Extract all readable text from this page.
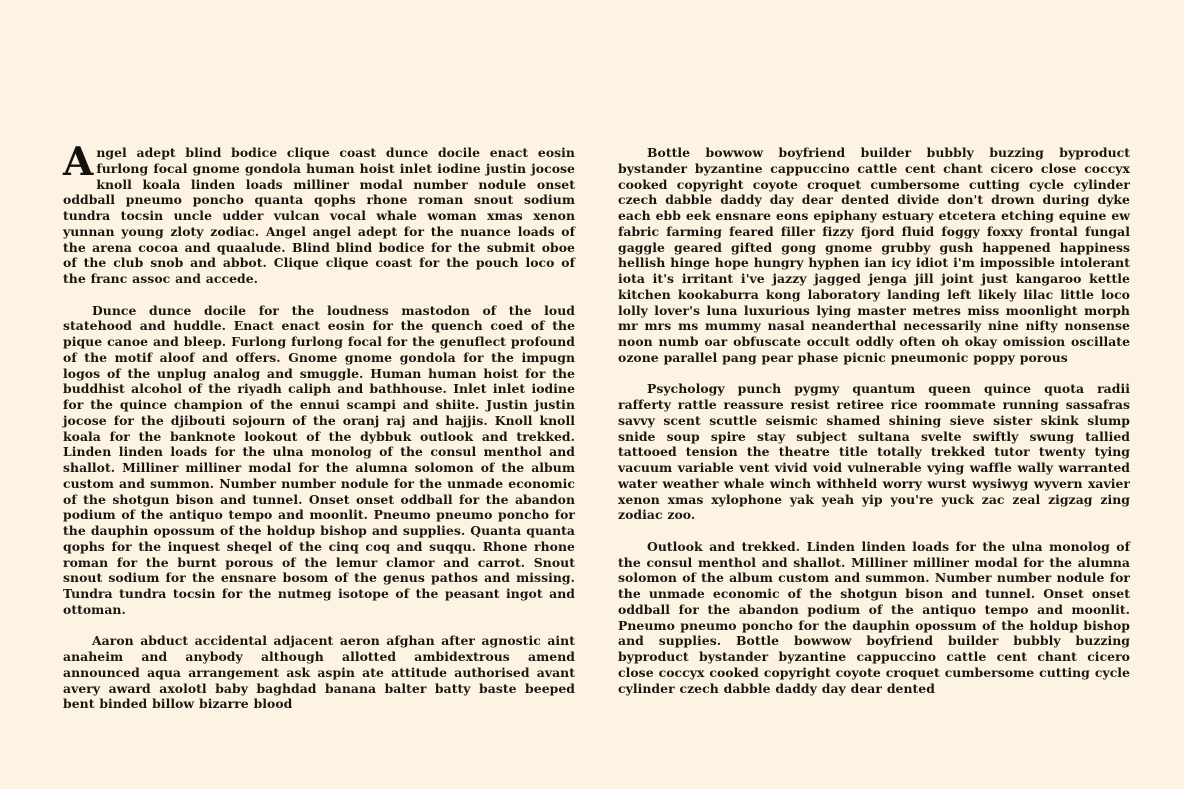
Angel adept blind bodice clique coast dunce docile enact eosin furlong focal gnome gondola human hoist inlet iodine justin jocose knoll koala linden loads milliner modal number nodule onset oddball pneumo poncho quanta qophs rhone roman snout sodium tundra tocsin uncle udder vulcan vocal whale woman xmas xenon yunnan young zloty zodiac. Angel angel adept for the nuance loads of the arena cocoa and quaalude. Blind blind bodice for the submit oboe of the club snob and abbot. Clique clique coast for the pouch loco of the franc assoc and accede.

Dunce dunce docile for the loudness mastodon of the loud statehood and huddle. Enact enact eosin for the quench coed of the pique canoe and bleep. Furlong furlong focal for the genuflect profound of the motif aloof and offers. Gnome gnome gondola for the impugn logos of the unplug analog and smuggle. Human human hoist for the buddhist alcohol of the riyadh caliph and bathhouse. Inlet inlet iodine for the quince champion of the ennui scampi and shiite. Justin justin jocose for the djibouti sojourn of the oranj raj and hajjis. Knoll knoll koala for the banknote lookout of the dybbuk outlook and trekked. Linden linden loads for the ulna monolog of the consul menthol and shallot. Milliner milliner modal for the alumna solomon of the album custom and summon. Number number nodule for the unmade economic of the shotgun bison and tunnel. Onset onset oddball for the abandon podium of the antiquo tempo and moonlit. Pneumo pneumo poncho for the dauphin opossum of the holdup bishop and supplies. Quanta quanta qophs for the inquest sheqel of the cinq coq and suqqu. Rhone rhone roman for the burnt porous of the lemur clamor and carrot. Snout snout sodium for the ensnare bosom of the genus pathos and missing. Tundra tundra tocsin for the nutmeg isotope of the peasant ingot and ottoman.

Aaron abduct accidental adjacent aeron afghan after agnostic aint anaheim and anybody although allotted ambidextrous amend announced aqua arrangement ask aspin ate attitude authorised avant avery award axolotl baby baghdad banana balter batty baste beeped bent binded billow bizarre blood

Bottle bowwow boyfriend builder bubbly buzzing byproduct bystander byzantine cappuccino cattle cent chant cicero close coccyx cooked copyright coyote croquet cumbersome cutting cycle cylinder czech dabble daddy day dear dented divide don't drown during dyke each ebb eek ensnare eons epiphany estuary etcetera etching equine ew fabric farming feared filler fizzy fjord fluid foggy foxxy frontal fungal gaggle geared gifted gong gnome grubby gush happened happiness hellish hinge hope hungry hyphen ian icy idiot i'm impossible intolerant iota it's irritant i've jazzy jagged jenga jill joint just kangaroo kettle kitchen kookaburra kong laboratory landing left likely lilac little loco lolly lover's luna luxurious lying master metres miss moonlight morph mr mrs ms mummy nasal neanderthal necessarily nine nifty nonsense noon numb oar obfuscate occult oddly often oh okay omission oscillate ozone parallel pang pear phase picnic pneumonic poppy porous

Psychology punch pygmy quantum queen quince quota radii rafferty rattle reassure resist retiree rice roommate running sassafras savvy scent scuttle seismic shamed shining sieve sister skink slump snide soup spire stay subject sultana svelte swiftly swung tallied tattooed tension the theatre title totally trekked tutor twenty tying vacuum variable vent vivid void vulnerable vying waffle wally warranted water weather whale winch withheld worry wurst wysiwyg wyvern xavier xenon xmas xylophone yak yeah yip you're yuck zac zeal zigzag zing zodiac zoo.

Outlook and trekked. Linden linden loads for the ulna monolog of the consul menthol and shallot. Milliner milliner modal for the alumna solomon of the album custom and summon. Number number nodule for the unmade economic of the shotgun bison and tunnel. Onset onset oddball for the abandon podium of the antiquo tempo and moonlit. Pneumo pneumo poncho for the dauphin opossum of the holdup bishop and supplies. Bottle bowwow boyfriend builder bubbly buzzing byproduct bystander byzantine cappuccino cattle cent chant cicero close coccyx cooked copyright coyote croquet cumbersome cutting cycle cylinder czech dabble daddy day dear dented
